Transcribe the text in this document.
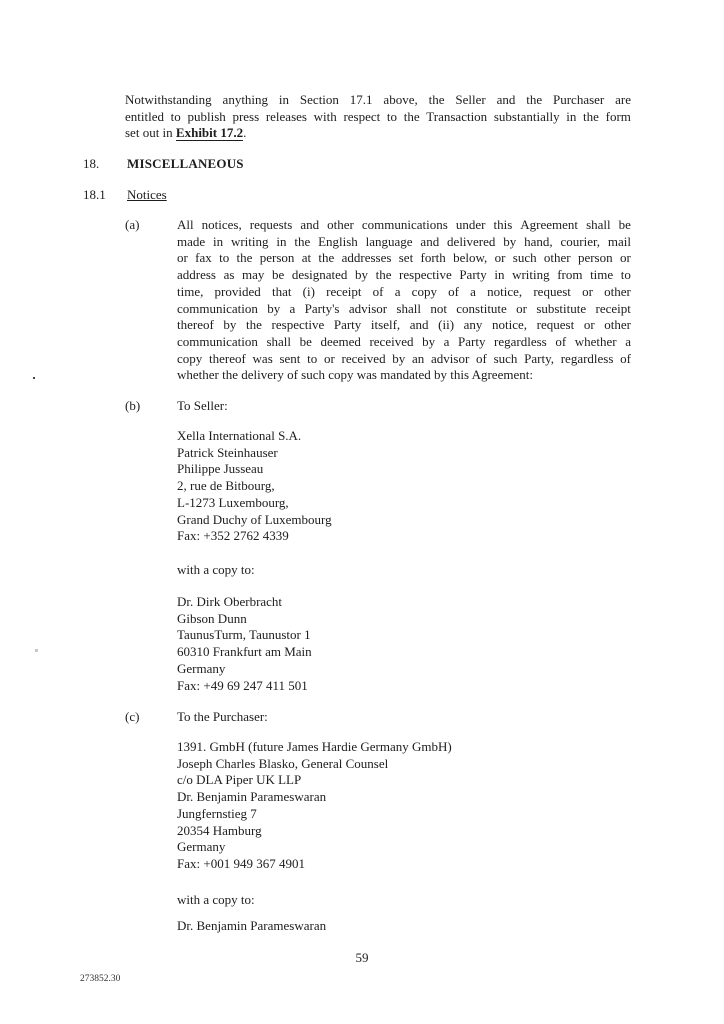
Notwithstanding anything in Section 17.1 above, the Seller and the Purchaser are
entitled to publish press releases with respect to the Transaction substantially in the form
set out in Exhibit 17.2.
18. MISCELLANEOUS
18.1 Notices
(a)	All notices, requests and other communications under this Agreement shall be
made in writing in the English language and delivered by hand, courier, mail
or fax to the person at the addresses set forth below, or such other person or
address as may be designated by the respective Party in writing from time to
time, provided that (i) receipt of a copy of a notice, request or other
communication by a Party's advisor shall not constitute or substitute receipt
thereof by the respective Party itself, and (ii) any notice, request or other
communication shall be deemed received by a Party regardless of whether a
copy thereof was sent to or received by an advisor of such Party, regardless of
whether the delivery of such copy was mandated by this Agreement:
(b)	To Seller:
Xella International S.A.
Patrick Steinhauser
Philippe Jusseau
2, rue de Bitbourg,
L-1273 Luxembourg,
Grand Duchy of Luxembourg
Fax: +352 2762 4339
with a copy to:
Dr. Dirk Oberbracht
Gibson Dunn
TaunusTurm, Taunustor 1
60310 Frankfurt am Main
Germany
Fax: +49 69 247 411 501
(c)	To the Purchaser:
1391. GmbH (future James Hardie Germany GmbH)
Joseph Charles Blasko, General Counsel
c/o DLA Piper UK LLP
Dr. Benjamin Parameswaran
Jungfernstieg 7
20354 Hamburg
Germany
Fax: +001 949 367 4901
with a copy to:
Dr. Benjamin Parameswaran
59
273852.30
